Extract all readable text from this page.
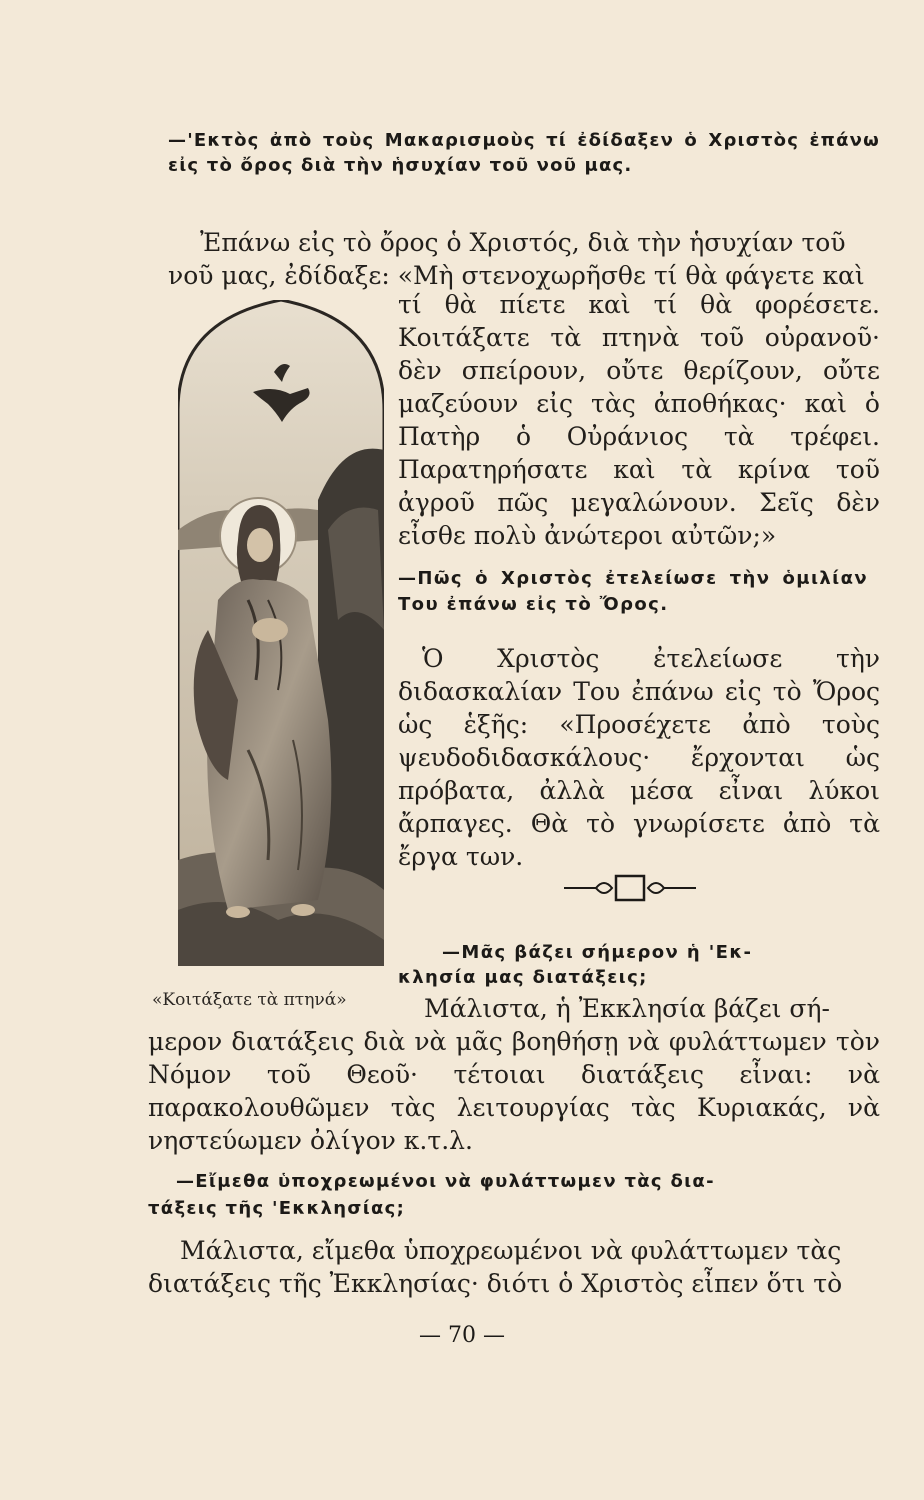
—'Εκτὸς ἀπὸ τοὺς Μακαρισμοὺς τί ἐδίδαξεν ὁ Χριστὸς ἐπάνω εἰς τὸ ὄρος διὰ τὴν ἡσυχίαν τοῦ νοῦ μας.
Ἐπάνω εἰς τὸ ὄρος ὁ Χριστός, διὰ τὴν ἡσυχίαν τοῦ
νοῦ μας, ἐδίδαξε: «Μὴ στενοχωρῆσθε τί θὰ φάγετε καὶ
τί θὰ πίετε καὶ τί θὰ φορέσετε. Κοιτάξατε τὰ πτηνὰ τοῦ οὐρανοῦ· δὲν σπείρουν, οὔτε θερίζουν, οὔτε μαζεύουν εἰς τὰς ἀποθήκας· καὶ ὁ Πατὴρ ὁ Οὐράνιος τὰ τρέφει. Παρατηρήσατε καὶ τὰ κρίνα τοῦ ἀγροῦ πῶς μεγαλώνουν. Σεῖς δὲν εἶσθε πολὺ ἀνώτεροι αὐτῶν;»
«Κοιτάξατε τὰ πτηνά»
—Πῶς ὁ Χριστὸς ἐτελείωσε τὴν ὁμιλίαν Του ἐπάνω εἰς τὸ Ὄρος.
Ὁ Χριστὸς ἐτελείωσε τὴν διδασκαλίαν Του ἐπάνω εἰς τὸ Ὄρος ὡς ἑξῆς: «Προσέχετε ἀπὸ τοὺς ψευδοδιδασκάλους· ἔρχονται ὡς πρόβατα, ἀλλὰ μέσα εἶναι λύκοι ἄρπαγες. Θὰ τὸ γνωρίσετε ἀπὸ τὰ ἔργα των.
—Μᾶς βάζει σήμερον ἡ 'Εκ-
κλησία μας διατάξεις;
Μάλιστα, ἡ Ἐκκλησία βάζει σή-
μερον διατάξεις διὰ νὰ μᾶς βοηθήσῃ νὰ φυλάττωμεν τὸν Νόμον τοῦ Θεοῦ· τέτοιαι διατάξεις εἶναι: νὰ παρακολουθῶμεν τὰς λειτουργίας τὰς Κυριακάς, νὰ νηστεύωμεν ὀλίγον κ.τ.λ.
—Εἴμεθα ὑποχρεωμένοι νὰ φυλάττωμεν τὰς δια-
τάξεις τῆς 'Εκκλησίας;
Μάλιστα, εἴμεθα ὑποχρεωμένοι νὰ φυλάττωμεν τὰς
διατάξεις τῆς Ἐκκλησίας· διότι ὁ Χριστὸς εἶπεν ὅτι τὸ
— 70 —
